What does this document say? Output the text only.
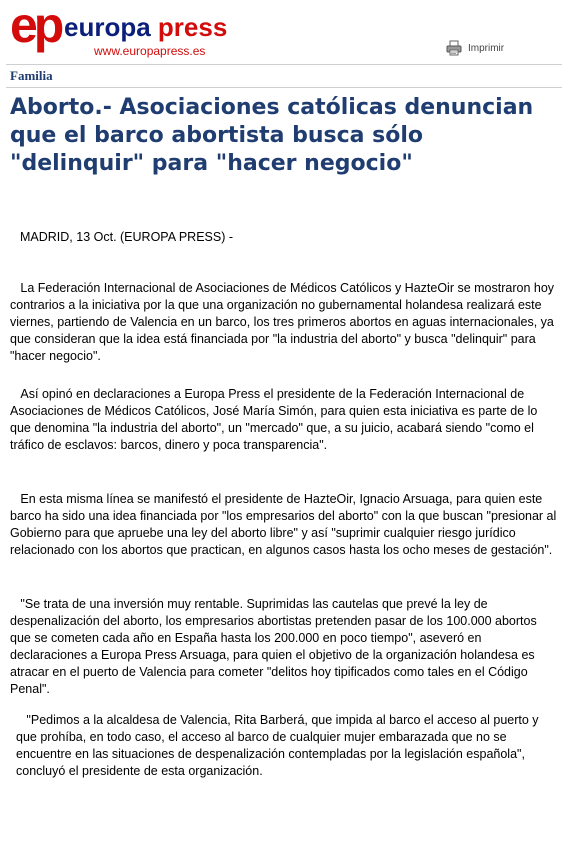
ep europa press
www.europapress.es	Imprimir
Familia
Aborto.- Asociaciones católicas denuncian que el barco abortista busca sólo "delinquir" para "hacer negocio"

MADRID, 13 Oct. (EUROPA PRESS) -

La Federación Internacional de Asociaciones de Médicos Católicos y HazteOir se mostraron hoy contrarios a la iniciativa por la que una organización no gubernamental holandesa realizará este viernes, partiendo de Valencia en un barco, los tres primeros abortos en aguas internacionales, ya que consideran que la idea está financiada por "la industria del aborto" y busca "delinquir" para "hacer negocio".

Así opinó en declaraciones a Europa Press el presidente de la Federación Internacional de Asociaciones de Médicos Católicos, José María Simón, para quien esta iniciativa es parte de lo que denomina "la industria del aborto", un "mercado" que, a su juicio, acabará siendo "como el tráfico de esclavos: barcos, dinero y poca transparencia".

En esta misma línea se manifestó el presidente de HazteOir, Ignacio Arsuaga, para quien este barco ha sido una idea financiada por "los empresarios del aborto" con la que buscan "presionar al Gobierno para que apruebe una ley del aborto libre" y así "suprimir cualquier riesgo jurídico relacionado con los abortos que practican, en algunos casos hasta los ocho meses de gestación".

"Se trata de una inversión muy rentable. Suprimidas las cautelas que prevé la ley de despenalización del aborto, los empresarios abortistas pretenden pasar de los 100.000 abortos que se cometen cada año en España hasta los 200.000 en poco tiempo", aseveró en declaraciones a Europa Press Arsuaga, para quien el objetivo de la organización holandesa es atracar en el puerto de Valencia para cometer "delitos hoy tipificados como tales en el Código Penal".

"Pedimos a la alcaldesa de Valencia, Rita Barberá, que impida al barco el acceso al puerto y que prohíba, en todo caso, el acceso al barco de cualquier mujer embarazada que no se encuentre en las situaciones de despenalización contempladas por la legislación española", concluyó el presidente de esta organización.
